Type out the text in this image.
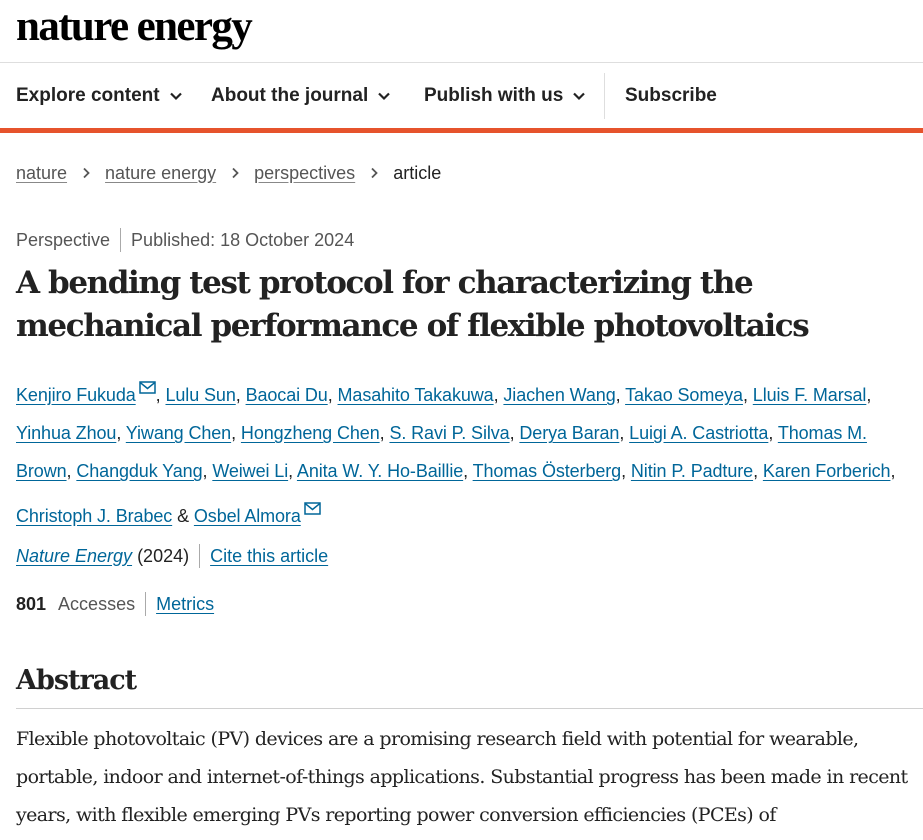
nature energy
Explore content	About the journal	Publish with us	Subscribe
nature nature energy perspectives article
Perspective Published: 18 October 2024
A bending test protocol for characterizing the mechanical performance of flexible photovoltaics
Kenjiro Fukuda , Lulu Sun, Baocai Du, Masahito Takakuwa, Jiachen Wang, Takao Someya, Lluis F. Marsal, Yinhua Zhou, Yiwang Chen, Hongzheng Chen, S. Ravi P. Silva, Derya Baran, Luigi A. Castriotta, Thomas M. Brown, Changduk Yang, Weiwei Li, Anita W. Y. Ho-Baillie, Thomas Österberg, Nitin P. Padture, Karen Forberich, Christoph J. Brabec & Osbel Almora
Nature Energy (2024) Cite this article
801 Accesses Metrics
Abstract

Flexible photovoltaic (PV) devices are a promising research field with potential for wearable, portable, indoor and internet-of-things applications. Substantial progress has been made in recent years, with flexible emerging PVs reporting power conversion efficiencies (PCEs) of
